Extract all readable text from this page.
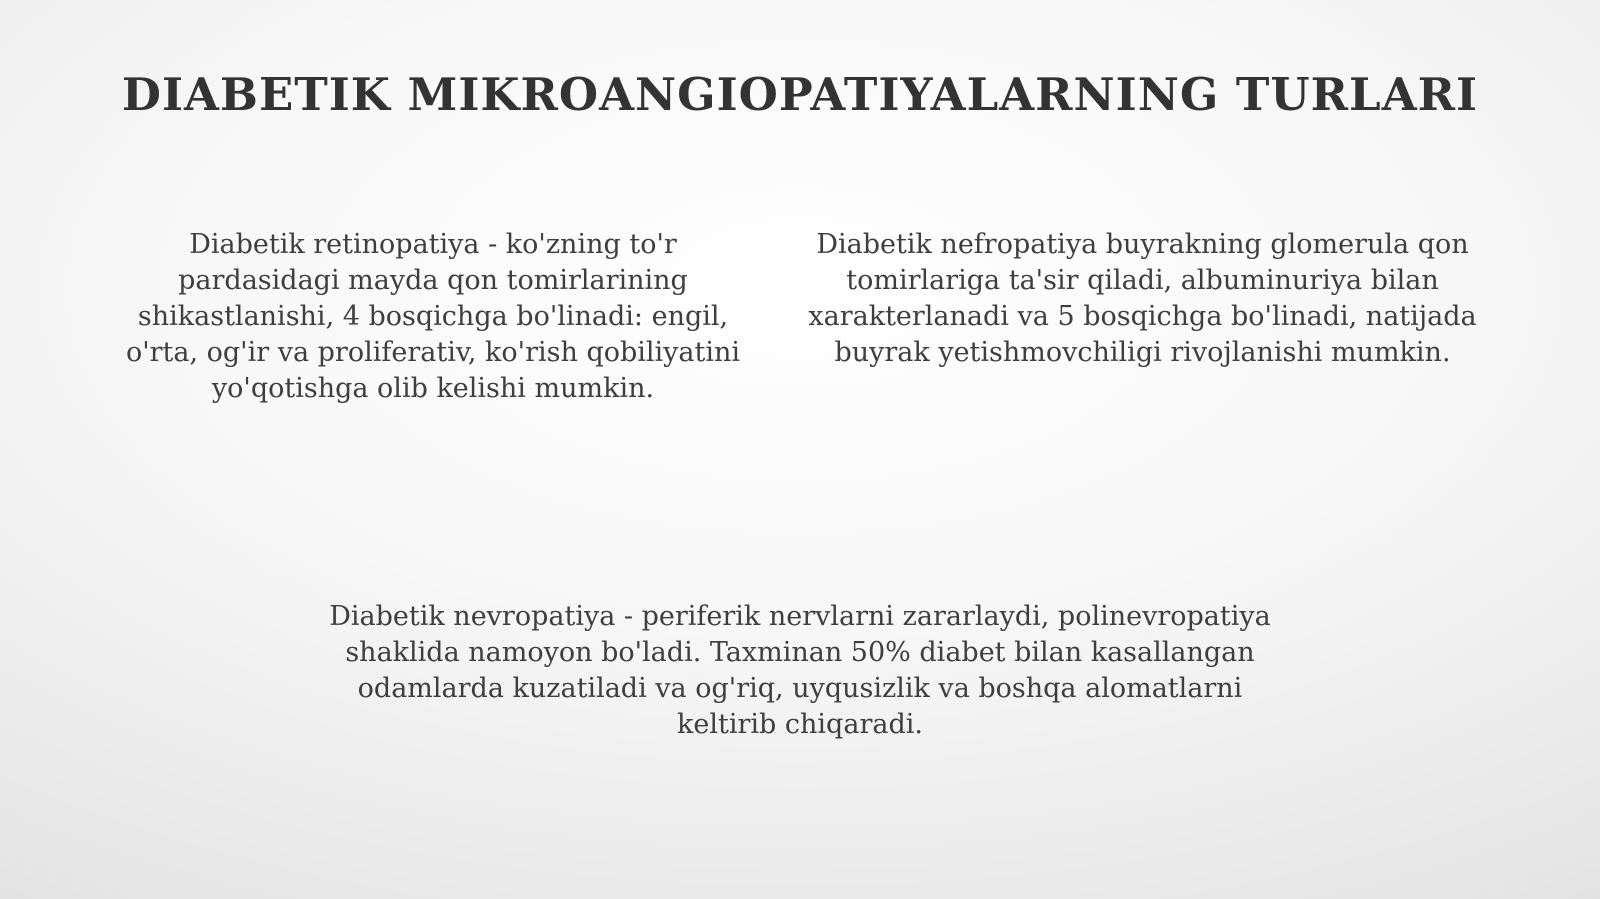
DIABETIK MIKROANGIOPATIYALARNING TURLARI
Diabetik retinopatiya - ko'zning to'r
pardasidagi mayda qon tomirlarining
shikastlanishi, 4 bosqichga bo'linadi: engil,
o'rta, og'ir va proliferativ, ko'rish qobiliyatini
yo'qotishga olib kelishi mumkin.
Diabetik nefropatiya buyrakning glomerula qon
tomirlariga ta'sir qiladi, albuminuriya bilan
xarakterlanadi va 5 bosqichga bo'linadi, natijada
buyrak yetishmovchiligi rivojlanishi mumkin.
Diabetik nevropatiya - periferik nervlarni zararlaydi, polinevropatiya
shaklida namoyon bo'ladi. Taxminan 50% diabet bilan kasallangan
odamlarda kuzatiladi va og'riq, uyqusizlik va boshqa alomatlarni
keltirib chiqaradi.
